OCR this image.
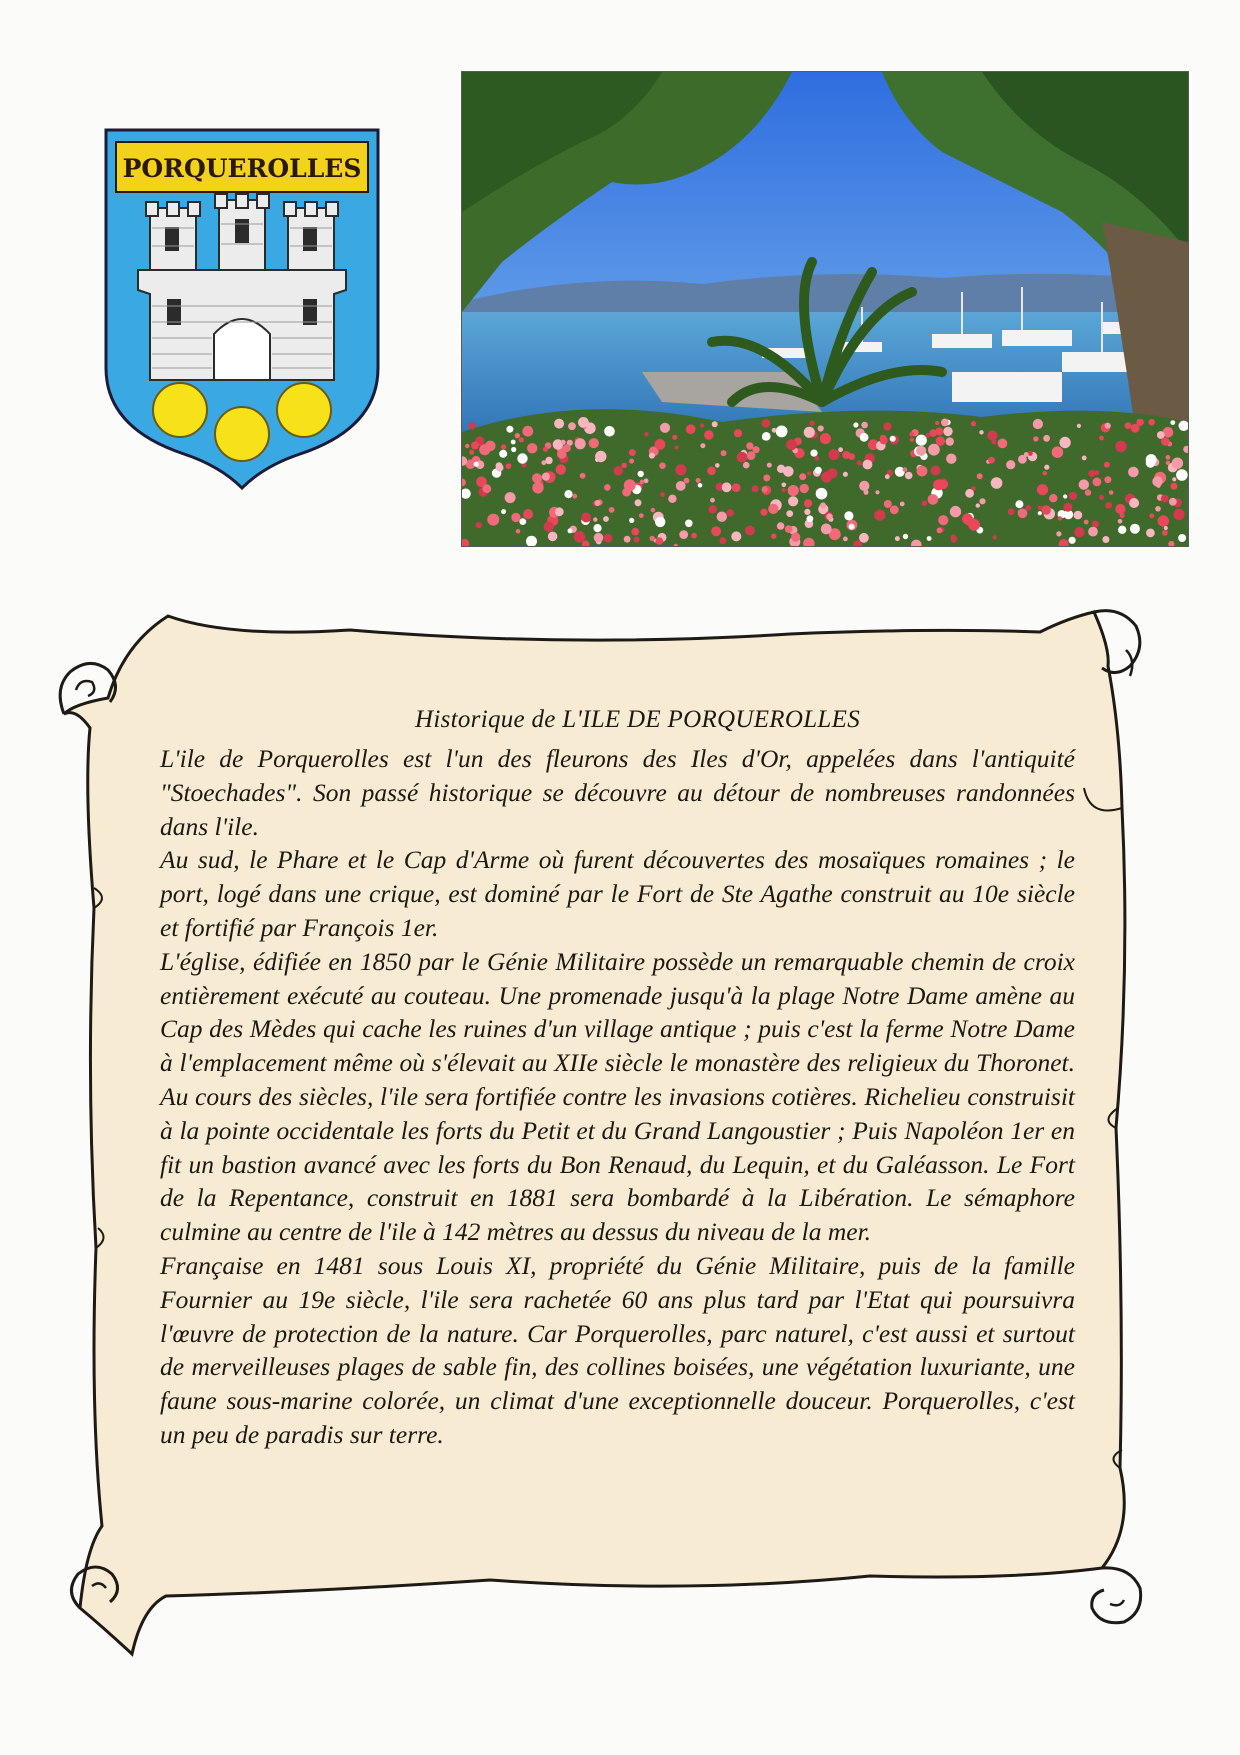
PORQUEROLLES
Historique de L'ILE DE PORQUEROLLES

L'ile de Porquerolles est l'un des fleurons des Iles d'Or, appelées dans l'antiquité "Stoechades". Son passé historique se découvre au détour de nombreuses randonnées dans l'ile.

Au sud, le Phare et le Cap d'Arme où furent découvertes des mosaïques romaines ; le port, logé dans une crique, est dominé par le Fort de Ste Agathe construit au 10e siècle et fortifié par François 1er.

L'église, édifiée en 1850 par le Génie Militaire possède un remarquable chemin de croix entièrement exécuté au couteau. Une promenade jusqu'à la plage Notre Dame amène au Cap des Mèdes qui cache les ruines d'un village antique ; puis c'est la ferme Notre Dame à l'emplacement même où s'élevait au XIIe siècle le monastère des religieux du Thoronet. Au cours des siècles, l'ile sera fortifiée contre les invasions cotières. Richelieu construisit à la pointe occidentale les forts du Petit et du Grand Langoustier ; Puis Napoléon 1er en fit un bastion avancé avec les forts du Bon Renaud, du Lequin, et du Galéasson. Le Fort de la Repentance, construit en 1881 sera bombardé à la Libération. Le sémaphore culmine au centre de l'ile à 142 mètres au dessus du niveau de la mer.

Française en 1481 sous Louis XI, propriété du Génie Militaire, puis de la famille Fournier au 19e siècle, l'ile sera rachetée 60 ans plus tard par l'Etat qui poursuivra l'œuvre de protection de la nature. Car Porquerolles, parc naturel, c'est aussi et surtout de merveilleuses plages de sable fin, des collines boisées, une végétation luxuriante, une faune sous-marine colorée, un climat d'une exceptionnelle douceur. Porquerolles, c'est un peu de paradis sur terre.
